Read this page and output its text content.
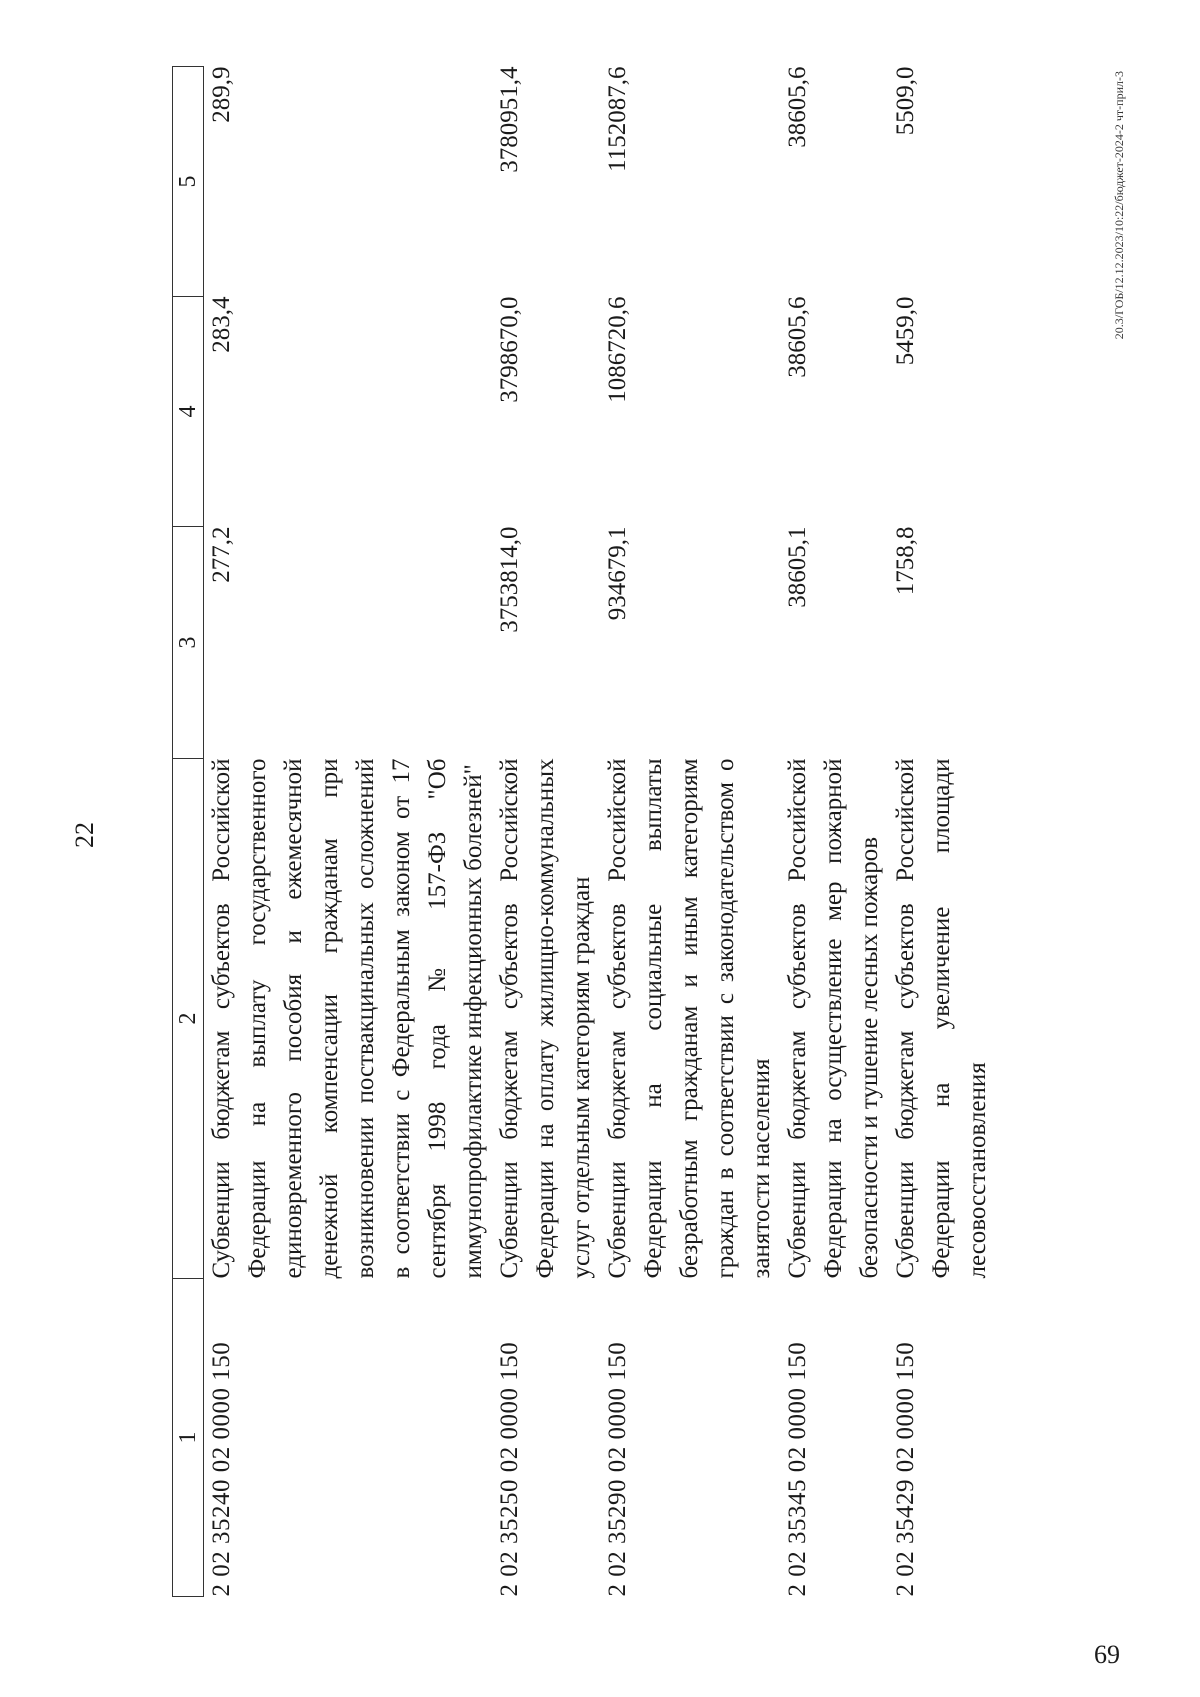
22
1	2	3	4	5
2 02 35240 02 0000 150	Субвенции бюджетам субъектов Российской Федерации на выплату государственного единовременного пособия и ежемесячной денежной компенсации гражданам при возникновении поствакцинальных осложнений в соответствии с Федеральным законом от 17 сентября 1998 года № 157-ФЗ "Об иммунопрофилактике инфекционных болезней"	277,2	283,4	289,9
2 02 35250 02 0000 150	Субвенции бюджетам субъектов Российской Федерации на оплату жилищно-коммунальных услуг отдельным категориям граждан	3753814,0	3798670,0	3780951,4
2 02 35290 02 0000 150	Субвенции бюджетам субъектов Российской Федерации на социальные выплаты безработным гражданам и иным категориям граждан в соответствии с законодательством о занятости населения	934679,1	1086720,6	1152087,6
2 02 35345 02 0000 150	Субвенции бюджетам субъектов Российской Федерации на осуществление мер пожарной безопасности и тушение лесных пожаров	38605,1	38605,6	38605,6
2 02 35429 02 0000 150	Субвенции бюджетам субъектов Российской Федерации на увеличение площади лесовосстановления	1758,8	5459,0	5509,0	20.3/ГОБ/12.12.2023/10:22/бюджет-2024-2 чт-прил-3
69
